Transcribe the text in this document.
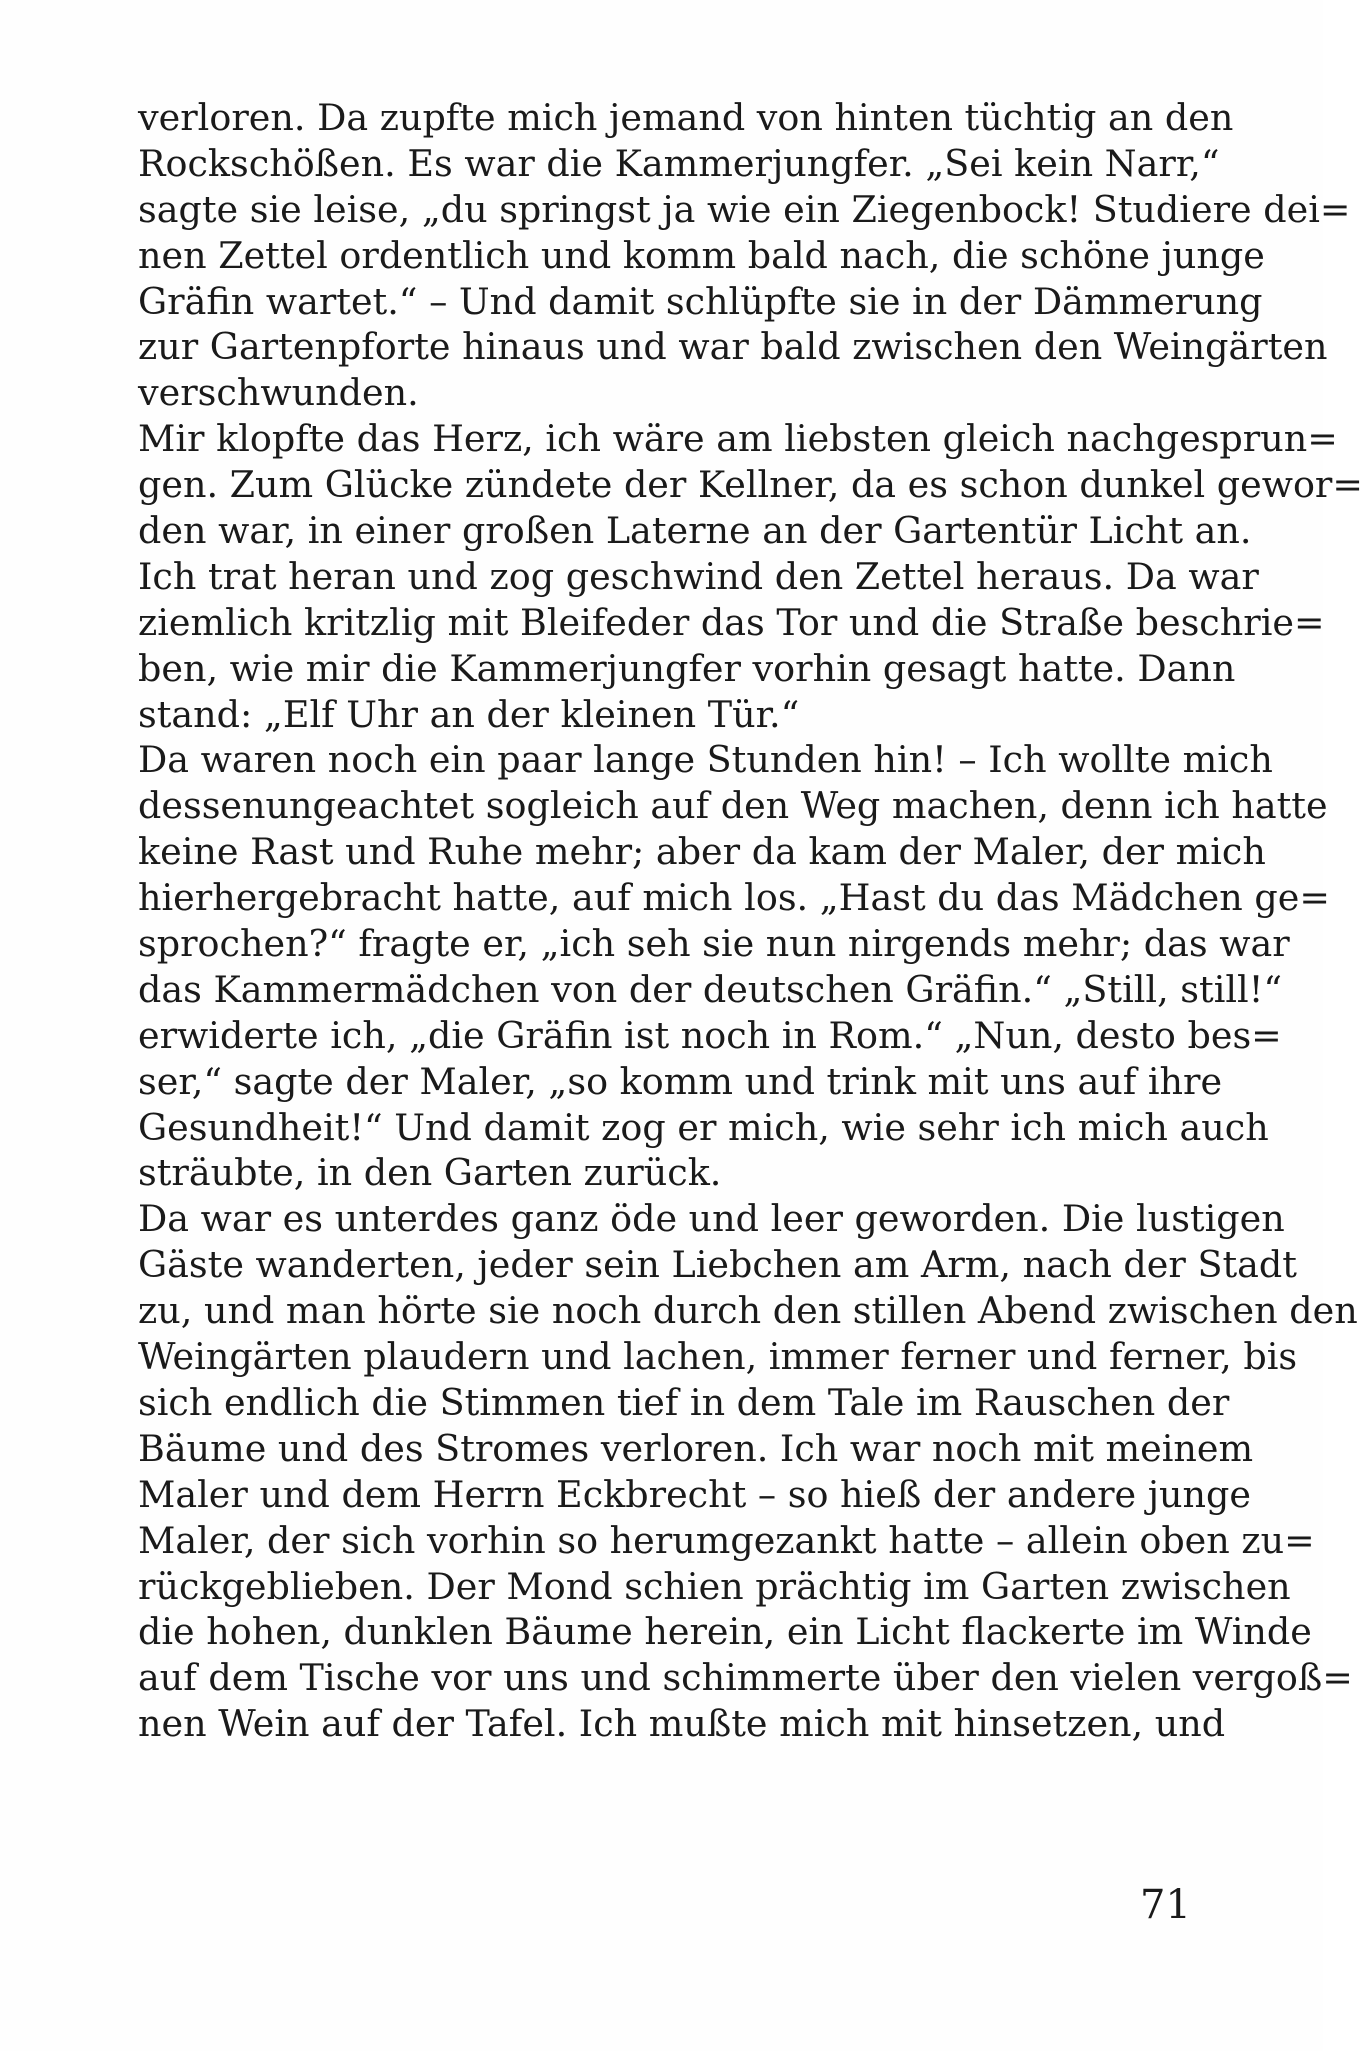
verloren. Da zupfte mich jemand von hinten tüchtig an den
Rockschößen. Es war die Kammerjungfer. „Sei kein Narr,“
sagte sie leise, „du springst ja wie ein Ziegenbock! Studiere dei=
nen Zettel ordentlich und komm bald nach, die schöne junge
Gräfin wartet.“ – Und damit schlüpfte sie in der Dämmerung
zur Gartenpforte hinaus und war bald zwischen den Weingärten
verschwunden.
Mir klopfte das Herz, ich wäre am liebsten gleich nachgesprun=
gen. Zum Glücke zündete der Kellner, da es schon dunkel gewor=
den war, in einer großen Laterne an der Gartentür Licht an.
Ich trat heran und zog geschwind den Zettel heraus. Da war
ziemlich kritzlig mit Bleifeder das Tor und die Straße beschrie=
ben, wie mir die Kammerjungfer vorhin gesagt hatte. Dann
stand: „Elf Uhr an der kleinen Tür.“
Da waren noch ein paar lange Stunden hin! – Ich wollte mich
dessenungeachtet sogleich auf den Weg machen, denn ich hatte
keine Rast und Ruhe mehr; aber da kam der Maler, der mich
hierhergebracht hatte, auf mich los. „Hast du das Mädchen ge=
sprochen?“ fragte er, „ich seh sie nun nirgends mehr; das war
das Kammermädchen von der deutschen Gräfin.“ „Still, still!“
erwiderte ich, „die Gräfin ist noch in Rom.“ „Nun, desto bes=
ser,“ sagte der Maler, „so komm und trink mit uns auf ihre
Gesundheit!“ Und damit zog er mich, wie sehr ich mich auch
sträubte, in den Garten zurück.
Da war es unterdes ganz öde und leer geworden. Die lustigen
Gäste wanderten, jeder sein Liebchen am Arm, nach der Stadt
zu, und man hörte sie noch durch den stillen Abend zwischen den
Weingärten plaudern und lachen, immer ferner und ferner, bis
sich endlich die Stimmen tief in dem Tale im Rauschen der
Bäume und des Stromes verloren. Ich war noch mit meinem
Maler und dem Herrn Eckbrecht – so hieß der andere junge
Maler, der sich vorhin so herumgezankt hatte – allein oben zu=
rückgeblieben. Der Mond schien prächtig im Garten zwischen
die hohen, dunklen Bäume herein, ein Licht flackerte im Winde
auf dem Tische vor uns und schimmerte über den vielen vergoß=
nen Wein auf der Tafel. Ich mußte mich mit hinsetzen, und
71
